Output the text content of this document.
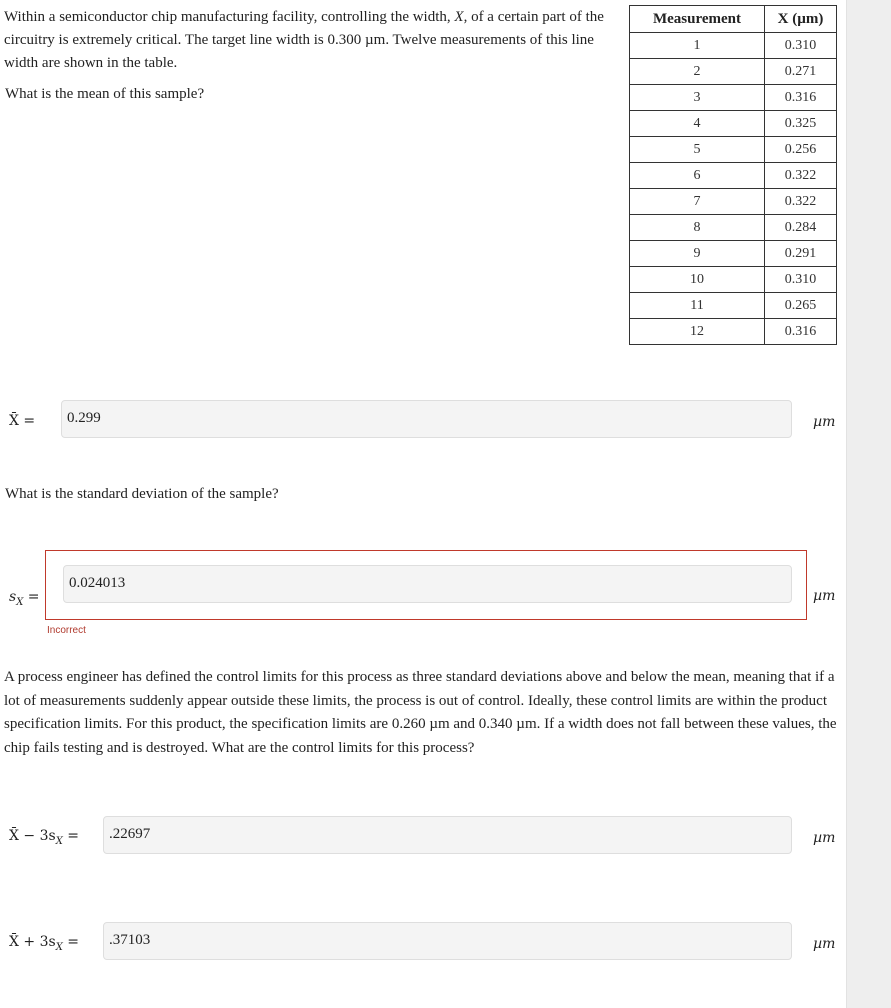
Within a semiconductor chip manufacturing facility, controlling the width, X, of a certain part of the circuitry is extremely critical. The target line width is 0.300 µm. Twelve measurements of this line width are shown in the table.

Measurement	X (µm)
1	0.310
2	0.271
3	0.316
4	0.325
5	0.256
6	0.322
7	0.322
8	0.284
9	0.291
10	0.310
11	0.265
12	0.316
What is the mean of this sample?
X̄ =	0.299	µm
What is the standard deviation of the sample?
$s_X$ =
0.024013
µm
Incorrect
A process engineer has defined the control limits for this process as three standard deviations above and below the mean, meaning that if a lot of measurements suddenly appear outside these limits, the process is out of control. Ideally, these control limits are within the product specification limits. For this product, the specification limits are 0.260 µm and 0.340 µm. If a width does not fall between these values, the chip fails testing and is destroyed. What are the control limits for this process?
X̄ − $3s_X$ =	.22697	µm
X̄ + $3s_X$ =	.37103	µm
